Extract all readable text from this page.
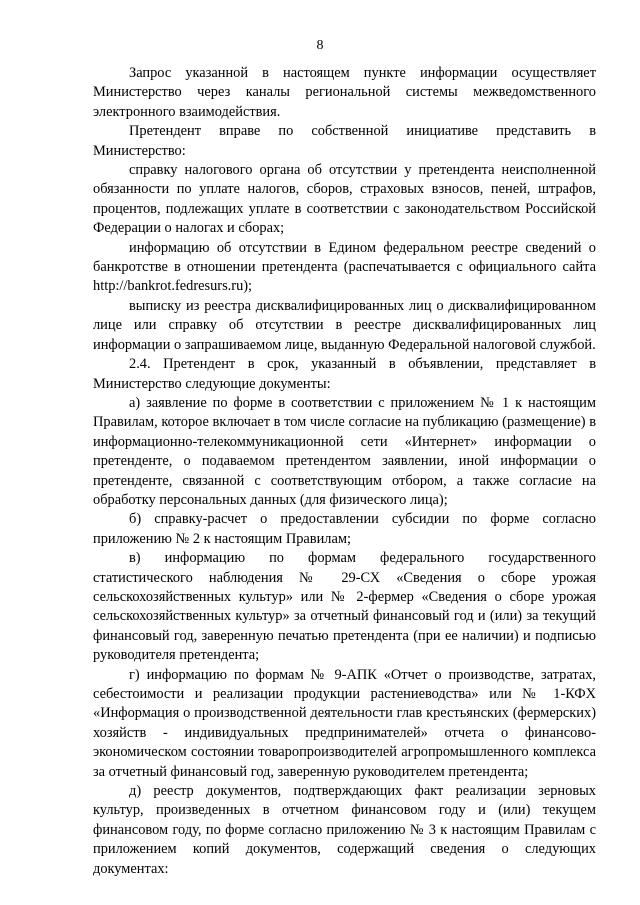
8

Запрос указанной в настоящем пункте информации осуществляет Министерство через каналы региональной системы межведомственного электронного взаимодействия.

Претендент вправе по собственной инициативе представить в Министерство:

справку налогового органа об отсутствии у претендента неисполненной обязанности по уплате налогов, сборов, страховых взносов, пеней, штрафов, процентов, подлежащих уплате в соответствии с законодательством Российской Федерации о налогах и сборах;

информацию об отсутствии в Едином федеральном реестре сведений о банкротстве в отношении претендента (распечатывается с официального сайта http://bankrot.fedresurs.ru);

выписку из реестра дисквалифицированных лиц о дисквалифицированном лице или справку об отсутствии в реестре дисквалифицированных лиц информации о запрашиваемом лице, выданную Федеральной налоговой службой.

2.4. Претендент в срок, указанный в объявлении, представляет в Министерство следующие документы:

а) заявление по форме в соответствии с приложением № 1 к настоящим Правилам, которое включает в том числе согласие на публикацию (размещение) в информационно-телекоммуникационной сети «Интернет» информации о претенденте, о подаваемом претендентом заявлении, иной информации о претенденте, связанной с соответствующим отбором, а также согласие на обработку персональных данных (для физического лица);

б) справку-расчет о предоставлении субсидии по форме согласно приложению № 2 к настоящим Правилам;

в) информацию по формам федерального государственного статистического наблюдения № 29-СХ «Сведения о сборе урожая сельскохозяйственных культур» или № 2-фермер «Сведения о сборе урожая сельскохозяйственных культур» за отчетный финансовый год и (или) за текущий финансовый год, заверенную печатью претендента (при ее наличии) и подписью руководителя претендента;

г) информацию по формам № 9-АПК «Отчет о производстве, затратах, себестоимости и реализации продукции растениеводства» или № 1-КФХ «Информация о производственной деятельности глав крестьянских (фермерских) хозяйств - индивидуальных предпринимателей» отчета о финансово-экономическом состоянии товаропроизводителей агропромышленного комплекса за отчетный финансовый год, заверенную руководителем претендента;

д) реестр документов, подтверждающих факт реализации зерновых культур, произведенных в отчетном финансовом году и (или) текущем финансовом году, по форме согласно приложению № 3 к настоящим Правилам с приложением копий документов, содержащий сведения о следующих документах:
